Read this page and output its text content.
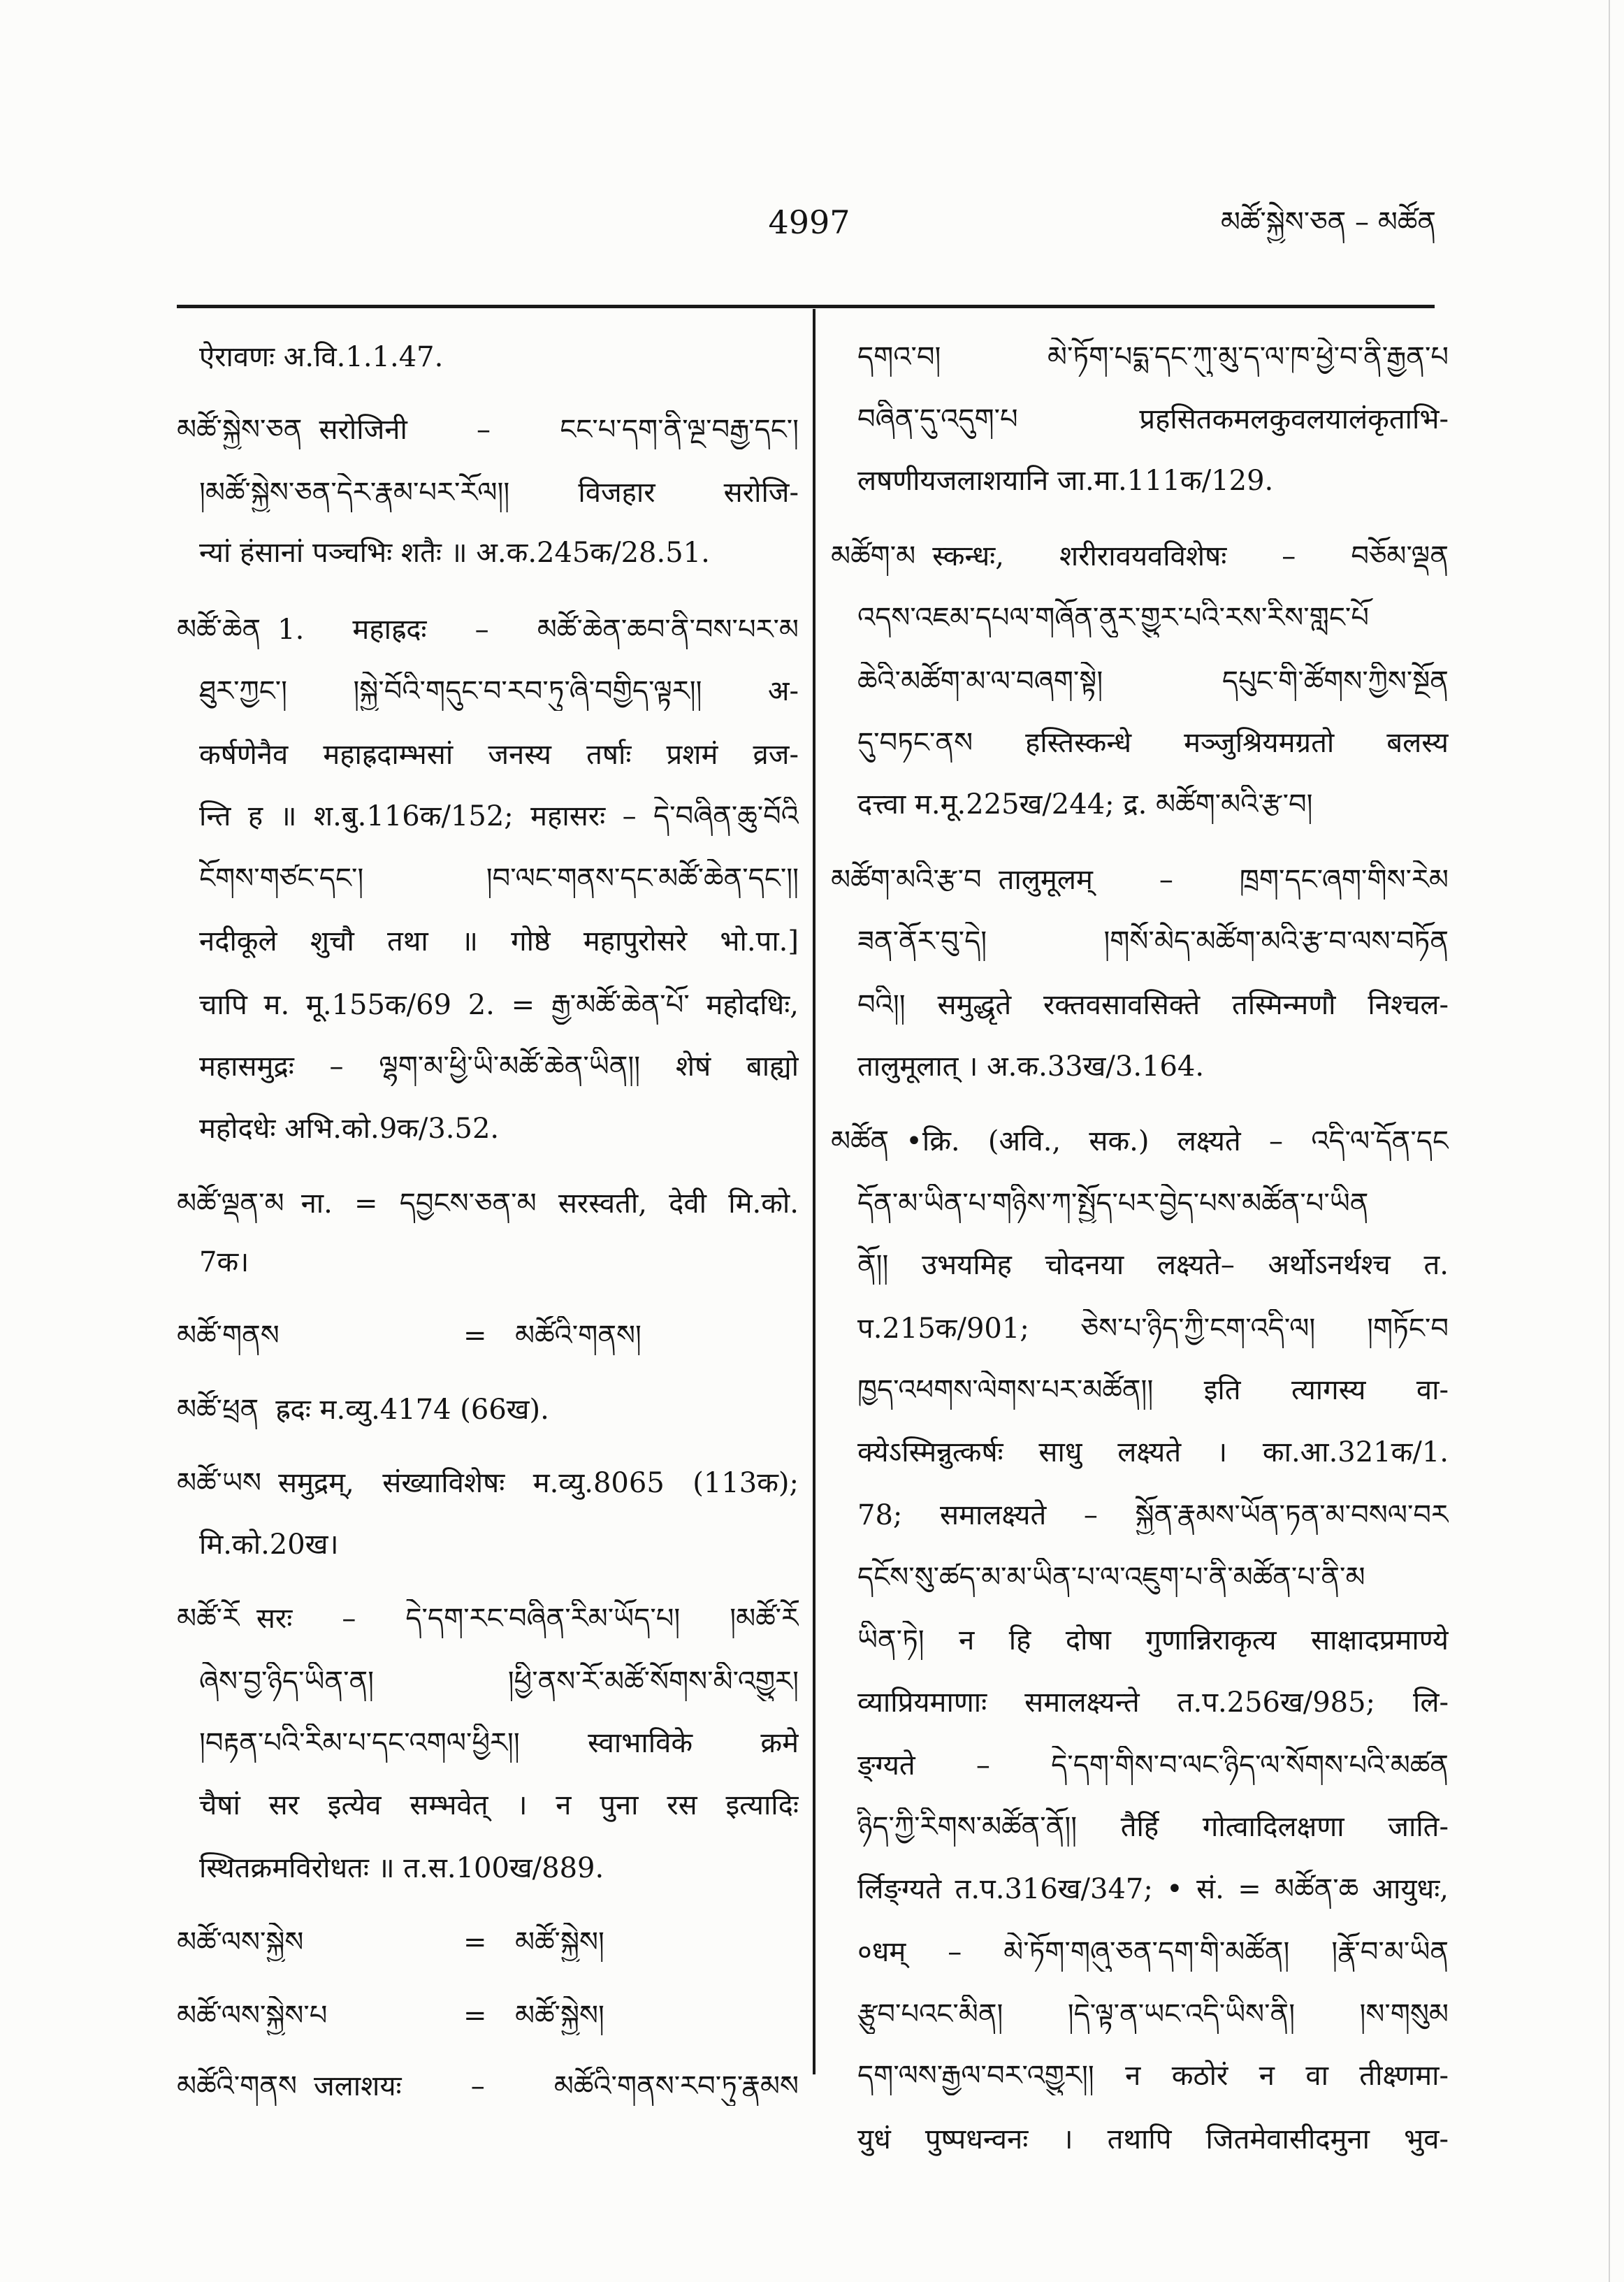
4997	མཚོ་སྐྱེས་ཅན – མཚོན
ऐरावणः अ.वि.1.1.47.
མཚོ་སྐྱེས་ཅན सरोजिनी – ངང་པ་དག་ནི་ལྔ་བརྒྱ་དང་།
།མཚོ་སྐྱེས་ཅན་དེར་རྣམ་པར་རོལ།། विजहार सरोजि-
न्यां हंसानां पञ्चभिः शतैः ॥ अ.क.245क/28.51.
མཚོ་ཆེན 1. महाह्रदः – མཚོ་ཆེན་ཆབ་ནི་བས་པར་མ
ཐུར་ཀྱང་། །སྐྱེ་བོའི་གདུང་བ་རབ་ཏུ་ཞི་བགྱིད་ལྟར།། अ-
कर्षणेनैव महाह्रदाम्भसां जनस्य तर्षाः प्रशमं व्रज-
न्ति ह ॥ श.बु.116क/152; महासरः – དེ་བཞིན་ཆུ་བོའི
ངོགས་གཙང་དང་། །བ་ལང་གནས་དང་མཚོ་ཆེན་དང་།།
नदीकूले शुचौ तथा ॥ गोष्ठे महापुरोसरे भो.पा.]
चापि म. मू.155क/69 2. = རྒྱ་མཚོ་ཆེན་པོ་ महोदधिः,
महासमुद्रः – ལྷག་མ་ཕྱི་ཡི་མཚོ་ཆེན་ཡིན།། शेषं बाह्यो
महोदधेः अभि.को.9क/3.52.
མཚོ་ལྡན་མ ना. = དབྱངས་ཅན་མ सरस्वती, देवी मि.को.
7क।
མཚོ་གནས	= མཚོའི་གནས།
མཚོ་ཕྲན ह्रदः म.व्यु.4174 (66ख).
མཚོ་ཡས समुद्रम्, संख्याविशेषः म.व्यु.8065 (113क);
मि.को.20ख।
མཚོ་རོ सरः – དེ་དག་རང་བཞིན་རིམ་ཡོད་པ། །མཚོ་རོ
ཞེས་བྱ་ཉིད་ཡིན་ན། །ཕྱི་ནས་རོ་མཚོ་སོགས་མི་འགྱུར།
།བརྟན་པའི་རིམ་པ་དང་འགལ་ཕྱིར།། स्वाभाविके क्रमे
चैषां सर इत्येव सम्भवेत् । न पुना रस इत्यादिः
स्थितक्रमविरोधतः ॥ त.स.100ख/889.
མཚོ་ལས་སྐྱེས	= མཚོ་སྐྱེས།
མཚོ་ལས་སྐྱེས་པ	= མཚོ་སྐྱེས།
མཚོའི་གནས जलाशयः – མཚོའི་གནས་རབ་ཏུ་རྣམས
དགའ་བ། མེ་ཏོག་པདྨ་དང་ཀུ་མུ་ད་ལ་ཁ་ཕྱེ་བ་ནི་རྒྱན་པ
བཞིན་དུ་འདུག་པ प्रहसितकमलकुवलयालंकृताभि-
लषणीयजलाशयानि जा.मा.111क/129.
མཚོག་མ स्कन्धः, शरीरावयवविशेषः – བཅོམ་ལྡན
འདས་འཇམ་དཔལ་གཞོན་ནུར་གྱུར་པའི་རས་རིས་གླང་པོ
ཆེའི་མཚོག་མ་ལ་བཞག་སྟེ། དཔུང་གི་ཚོགས་ཀྱིས་སྔོན
དུ་བཏང་ནས हस्तिस्कन्धे मञ्जुश्रियमग्रतो बलस्य
दत्त्वा म.मू.225ख/244; द्र. མཚོག་མའི་རྩ་བ།
མཚོག་མའི་རྩ་བ तालुमूलम् – ཁྲག་དང་ཞག་གིས་རེམ
ཟན་ནོར་བུ་དེ། །གསོ་མེད་མཚོག་མའི་རྩ་བ་ལས་བཏོན
བའི།། समुद्धृते रक्तवसावसिक्ते तस्मिन्मणौ निश्चल-
तालुमूलात् । अ.क.33ख/3.164.
མཚོན •क्रि. (अवि., सक.) लक्ष्यते – འདི་ལ་དོན་དང
དོན་མ་ཡིན་པ་གཉིས་ཀ་སྤྱོད་པར་བྱེད་པས་མཚོན་པ་ཡིན
ནོ།། उभयमिह चोदनया लक्ष्यते– अर्थोऽनर्थश्च त.
प.215क/901; ཅེས་པ་ཉིད་ཀྱི་ངག་འདི་ལ། །གཏོང་བ
ཁྱད་འཕགས་ལེགས་པར་མཚོན།། इति त्यागस्य वा-
क्येऽस्मिन्नुत्कर्षः साधु लक्ष्यते । का.आ.321क/1.
78; समालक्ष्यते – སྐྱོན་རྣམས་ཡོན་ཏན་མ་བསལ་བར
དངོས་སུ་ཚད་མ་མ་ཡིན་པ་ལ་འཇུག་པ་ནི་མཚོན་པ་ནི་མ
ཡིན་ཏེ། न हि दोषा गुणान्निराकृत्य साक्षादप्रमाण्ये
व्याप्रियमाणाः समालक्ष्यन्ते त.प.256ख/985; लि-
ङ्ग्यते – དེ་དག་གིས་བ་ལང་ཉིད་ལ་སོགས་པའི་མཚན
ཉིད་ཀྱི་རིགས་མཚོན་ནོ།། तैर्हि गोत्वादिलक्षणा जाति-
र्लिङ्ग्यते त.प.316ख/347; • सं. = མཚོན་ཆ आयुधः,
०धम् – མེ་ཏོག་གཞུ་ཅན་དག་གི་མཚོན། །རྣོ་བ་མ་ཡིན
རྩུབ་པའང་མིན། །དེ་ལྟ་ན་ཡང་འདི་ཡིས་ནི། །ས་གསུམ
དག་ལས་རྒྱལ་བར་འགྱུར།། न कठोरं न वा तीक्ष्णमा-
युधं पुष्पधन्वनः । तथापि जितमेवासीदमुना भुव-
